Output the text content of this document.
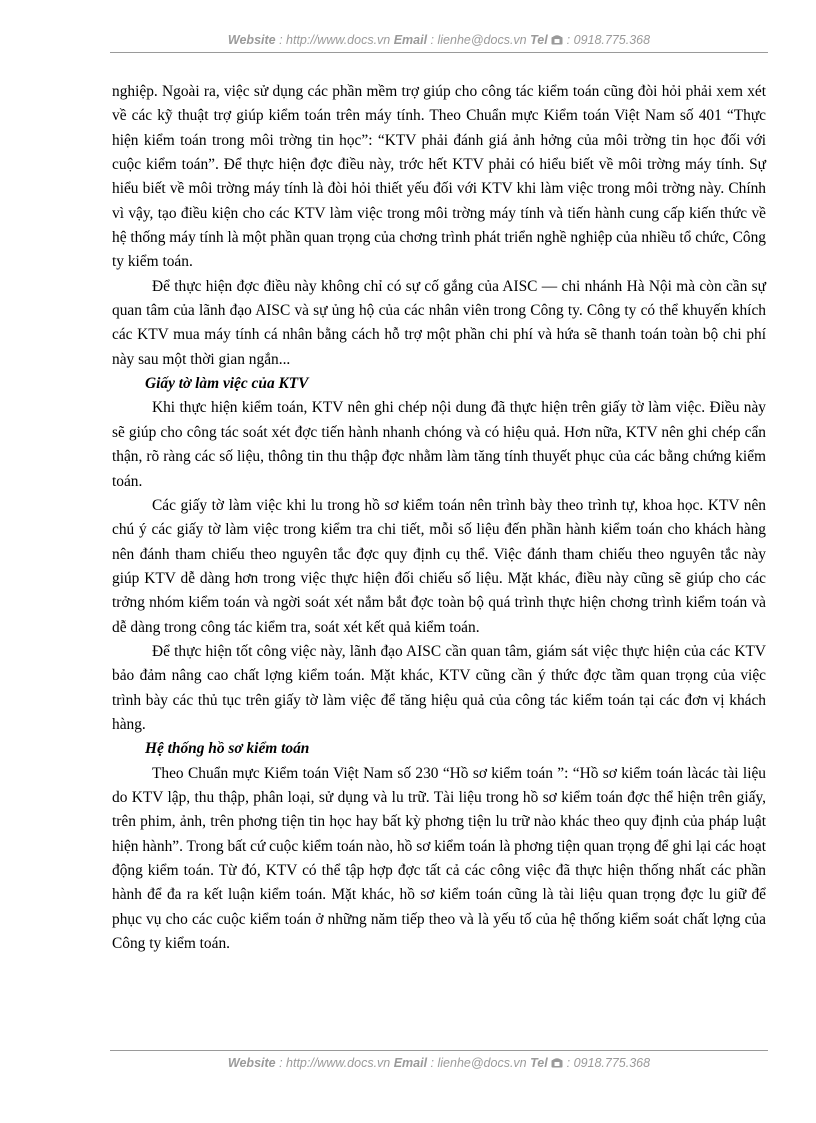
Website : http://www.docs.vn Email : lienhe@docs.vn Tel  : 0918.775.368

nghiệp. Ngoài ra, việc sử dụng các phần mềm trợ giúp cho công tác kiểm toán cũng đòi hỏi phải xem xét về các kỹ thuật trợ giúp kiểm toán trên máy tính. Theo Chuẩn mực Kiểm toán Việt Nam số 401 “Thực hiện kiểm toán trong môi trờng tin học”: “KTV phải đánh giá ảnh hởng của môi trờng tin học đối với cuộc kiểm toán”. Để thực hiện đợc điều này, trớc hết KTV phải có hiểu biết về môi trờng máy tính. Sự hiểu biết về môi trờng máy tính là đòi hỏi thiết yếu đối với KTV khi làm việc trong môi trờng này. Chính vì vậy, tạo điều kiện cho các KTV làm việc trong môi trờng máy tính và tiến hành cung cấp kiến thức về hệ thống máy tính là một phần quan trọng của chơng trình phát triển nghề nghiệp của nhiều tổ chức, Công ty kiểm toán.

Để thực hiện đợc điều này không chỉ có sự cố gắng của AISC — chi nhánh Hà Nội mà còn cần sự quan tâm của lãnh đạo AISC và sự ủng hộ của các nhân viên trong Công ty. Công ty có thể khuyến khích các KTV mua máy tính cá nhân bằng cách hỗ trợ một phần chi phí và hứa sẽ thanh toán toàn bộ chi phí này sau một thời gian ngắn...

Giấy tờ làm việc của KTV

Khi thực hiện kiểm toán, KTV nên ghi chép nội dung đã thực hiện trên giấy tờ làm việc. Điều này sẽ giúp cho công tác soát xét đợc tiến hành nhanh chóng và có hiệu quả. Hơn nữa, KTV nên ghi chép cẩn thận, rõ ràng các số liệu, thông tin thu thập đợc nhằm làm tăng tính thuyết phục của các bằng chứng kiểm toán.

Các giấy tờ làm việc khi lu trong hồ sơ kiểm toán nên trình bày theo trình tự, khoa học. KTV nên chú ý các giấy tờ làm việc trong kiểm tra chi tiết, mỗi số liệu đến phần hành kiểm toán cho khách hàng nên đánh tham chiếu theo nguyên tắc đợc quy định cụ thể. Việc đánh tham chiếu theo nguyên tắc này giúp KTV dễ dàng hơn trong việc thực hiện đối chiếu số liệu. Mặt khác, điều này cũng sẽ giúp cho các trởng nhóm kiểm toán và ngời soát xét nắm bắt đợc toàn bộ quá trình thực hiện chơng trình kiểm toán và dễ dàng trong công tác kiểm tra, soát xét kết quả kiểm toán.

Để thực hiện tốt công việc này, lãnh đạo AISC cần quan tâm, giám sát việc thực hiện của các KTV bảo đảm nâng cao chất lợng kiểm toán. Mặt khác, KTV cũng cần ý thức đợc tầm quan trọng của việc trình bày các thủ tục trên giấy tờ làm việc để tăng hiệu quả của công tác kiểm toán tại các đơn vị khách hàng.

Hệ thống hồ sơ kiểm toán

Theo Chuẩn mực Kiểm toán Việt Nam số 230 “Hồ sơ kiểm toán ”: “Hồ sơ kiểm toán làcác tài liệu do KTV lập, thu thập, phân loại, sử dụng và lu trữ. Tài liệu trong hồ sơ kiểm toán đợc thể hiện trên giấy, trên phim, ảnh, trên phơng tiện tin học hay bất kỳ phơng tiện lu trữ nào khác theo quy định của pháp luật hiện hành”. Trong bất cứ cuộc kiểm toán nào, hồ sơ kiểm toán là phơng tiện quan trọng để ghi lại các hoạt động kiểm toán. Từ đó, KTV có thể tập hợp đợc tất cả các công việc đã thực hiện thống nhất các phần hành để đa ra kết luận kiểm toán. Mặt khác, hồ sơ kiểm toán cũng là tài liệu quan trọng đợc lu giữ để phục vụ cho các cuộc kiểm toán ở những năm tiếp theo và là yếu tố của hệ thống kiểm soát chất lợng của Công ty kiểm toán.

Website : http://www.docs.vn Email : lienhe@docs.vn Tel  : 0918.775.368
